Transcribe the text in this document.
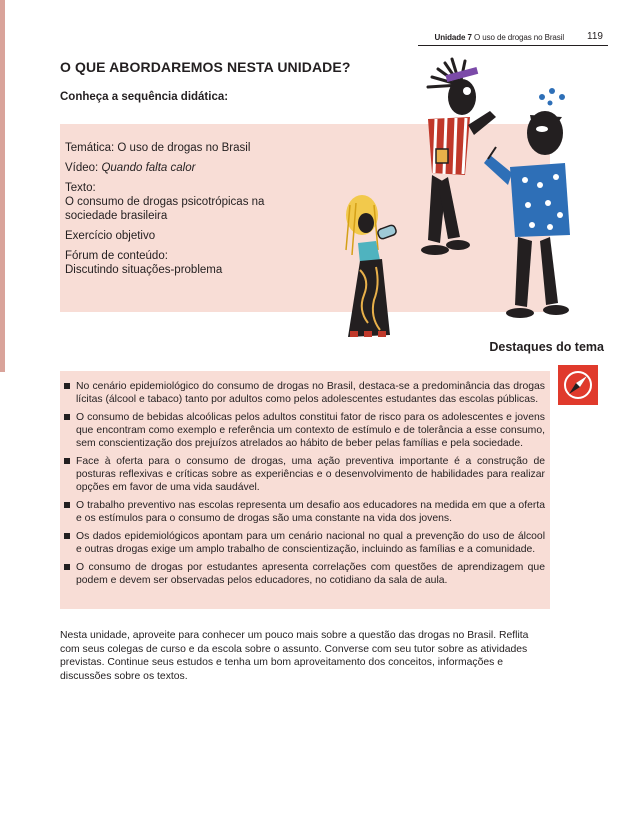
Unidade 7 O uso de drogas no Brasil 119
O QUE ABORDAREMOS NESTA UNIDADE?
Conheça a sequência didática:
Temática: O uso de drogas no Brasil
Vídeo: Quando falta calor
Texto:
O consumo de drogas psicotrópicas na sociedade brasileira
Exercício objetivo
Fórum de conteúdo:
Discutindo situações-problema
Destaques do tema
No cenário epidemiológico do consumo de drogas no Brasil, destaca-se a predominância das drogas lícitas (álcool e tabaco) tanto por adultos como pelos adolescentes estudantes das escolas públicas.
O consumo de bebidas alcoólicas pelos adultos constitui fator de risco para os adolescentes e jovens que encontram como exemplo e referência um contexto de estímulo e de tolerância a esse consumo, sem conscientização dos prejuízos atrelados ao hábito de beber pelas famílias e pela sociedade.
Face à oferta para o consumo de drogas, uma ação preventiva importante é a construção de posturas reflexivas e críticas sobre as experiências e o desenvolvimento de habilidades para realizar opções em favor de uma vida saudável.
O trabalho preventivo nas escolas representa um desafio aos educadores na medida em que a oferta e os estímulos para o consumo de drogas são uma constante na vida dos jovens.
Os dados epidemiológicos apontam para um cenário nacional no qual a prevenção do uso de álcool e outras drogas exige um amplo trabalho de conscientização, incluindo as famílias e a comunidade.
O consumo de drogas por estudantes apresenta correlações com questões de aprendizagem que podem e devem ser observadas pelos educadores, no cotidiano da sala de aula.

Nesta unidade, aproveite para conhecer um pouco mais sobre a questão das drogas no Brasil. Reflita com seus colegas de curso e da escola sobre o assunto. Converse com seu tutor sobre as atividades previstas. Continue seus estudos e tenha um bom aproveitamento dos conceitos, informações e discussões sobre os textos.
